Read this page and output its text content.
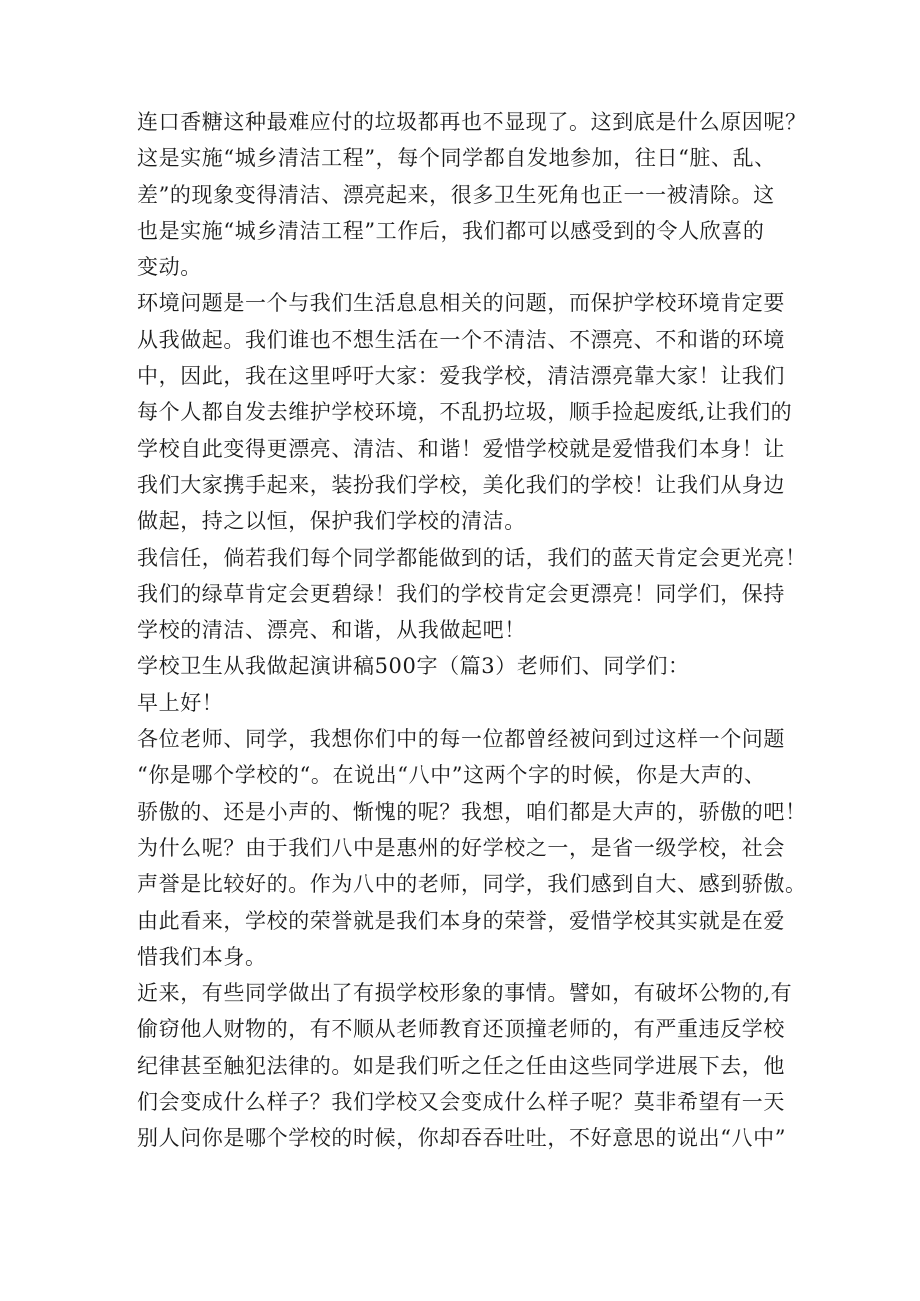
连口香糖这种最难应付的垃圾都再也不显现了。这到底是什么原因呢？
这是实施“城乡清洁工程”，每个同学都自发地参加，往日“脏、乱、
差”的现象变得清洁、漂亮起来，很多卫生死角也正一一被清除。这
也是实施“城乡清洁工程”工作后，我们都可以感受到的令人欣喜的
变动。
环境问题是一个与我们生活息息相关的问题，而保护学校环境肯定要
从我做起。我们谁也不想生活在一个不清洁、不漂亮、不和谐的环境
中，因此，我在这里呼吁大家：爱我学校，清洁漂亮靠大家！让我们
每个人都自发去维护学校环境，不乱扔垃圾，顺手捡起废纸,让我们的
学校自此变得更漂亮、清洁、和谐！爱惜学校就是爱惜我们本身！让
我们大家携手起来，装扮我们学校，美化我们的学校！让我们从身边
做起，持之以恒，保护我们学校的清洁。
我信任，倘若我们每个同学都能做到的话，我们的蓝天肯定会更光亮！
我们的绿草肯定会更碧绿！我们的学校肯定会更漂亮！同学们，保持
学校的清洁、漂亮、和谐，从我做起吧！
学校卫生从我做起演讲稿500字（篇3）老师们、同学们：
早上好！
各位老师、同学，我想你们中的每一位都曾经被问到过这样一个问题
“你是哪个学校的“。在说出“八中”这两个字的时候，你是大声的、
骄傲的、还是小声的、惭愧的呢？我想，咱们都是大声的，骄傲的吧！
为什么呢？由于我们八中是惠州的好学校之一，是省一级学校，社会
声誉是比较好的。作为八中的老师，同学，我们感到自大、感到骄傲。
由此看来，学校的荣誉就是我们本身的荣誉，爱惜学校其实就是在爱
惜我们本身。
近来，有些同学做出了有损学校形象的事情。譬如，有破坏公物的,有
偷窃他人财物的，有不顺从老师教育还顶撞老师的，有严重违反学校
纪律甚至触犯法律的。如是我们听之任之任由这些同学进展下去，他
们会变成什么样子？我们学校又会变成什么样子呢？莫非希望有一天
别人问你是哪个学校的时候，你却吞吞吐吐，不好意思的说出“八中”
